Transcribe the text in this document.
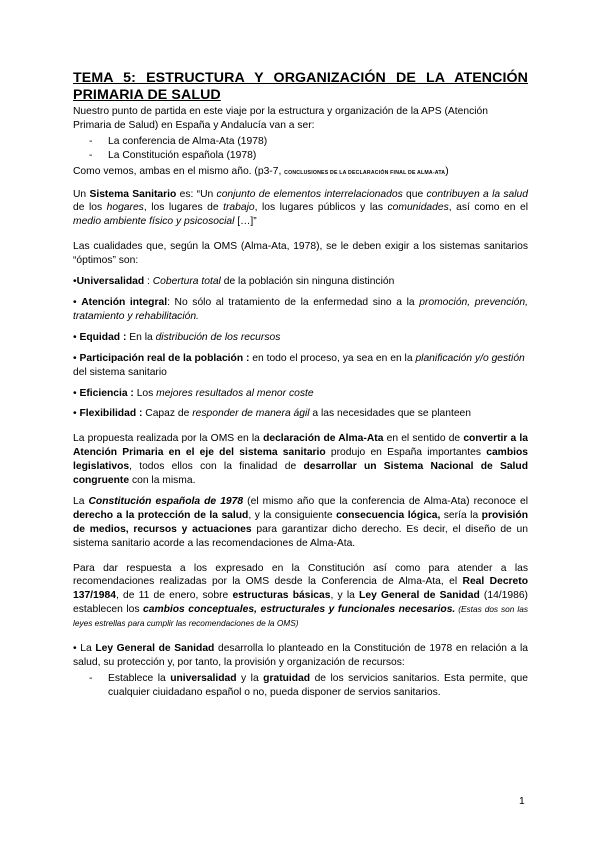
TEMA 5: ESTRUCTURA Y ORGANIZACIÓN DE LA ATENCIÓN PRIMARIA DE SALUD

Nuestro punto de partida en este viaje por la estructura y organización de la APS (Atención Primaria de Salud) en España y Andalucía van a ser:

- La conferencia de Alma-Ata (1978)
- La Constitución española (1978)

Como vemos, ambas en el mismo año. (p3-7, CONCLUSIONES DE LA DECLARACIÓN FINAL DE ALMA-ATA)

Un Sistema Sanitario es: “Un conjunto de elementos interrelacionados que contribuyen a la salud de los hogares, los lugares de trabajo, los lugares públicos y las comunidades, así como en el medio ambiente físico y psicosocial […]”

Las cualidades que, según la OMS (Alma-Ata, 1978), se le deben exigir a los sistemas sanitarios “óptimos” son:

•Universalidad : Cobertura total de la población sin ninguna distinción

• Atención integral: No sólo al tratamiento de la enfermedad sino a la promoción, prevención, tratamiento y rehabilitación.

• Equidad : En la distribución de los recursos

• Participación real de la población : en todo el proceso, ya sea en en la planificación y/o gestión del sistema sanitario

• Eficiencia : Los mejores resultados al menor coste

• Flexibilidad : Capaz de responder de manera ágil a las necesidades que se planteen

La propuesta realizada por la OMS en la declaración de Alma-Ata en el sentido de convertir a la Atención Primaria en el eje del sistema sanitario produjo en España importantes cambios legislativos, todos ellos con la finalidad de desarrollar un Sistema Nacional de Salud congruente con la misma.

La Constitución española de 1978 (el mismo año que la conferencia de Alma-Ata) reconoce el derecho a la protección de la salud, y la consiguiente consecuencia lógica, sería la provisión de medios, recursos y actuaciones para garantizar dicho derecho. Es decir, el diseño de un sistema sanitario acorde a las recomendaciones de Alma-Ata.

Para dar respuesta a los expresado en la Constitución así como para atender a las recomendaciones realizadas por la OMS desde la Conferencia de Alma-Ata, el Real Decreto 137/1984, de 11 de enero, sobre estructuras básicas, y la Ley General de Sanidad (14/1986) establecen los cambios conceptuales, estructurales y funcionales necesarios. (Estas dos son las leyes estrellas para cumplir las recomendaciones de la OMS)

• La Ley General de Sanidad desarrolla lo planteado en la Constitución de 1978 en relación a la salud, su protección y, por tanto, la provisión y organización de recursos:

- Establece la universalidad y la gratuidad de los servicios sanitarios. Esta permite, que cualquier ciuidadano español o no, pueda disponer de servios sanitarios.
1
